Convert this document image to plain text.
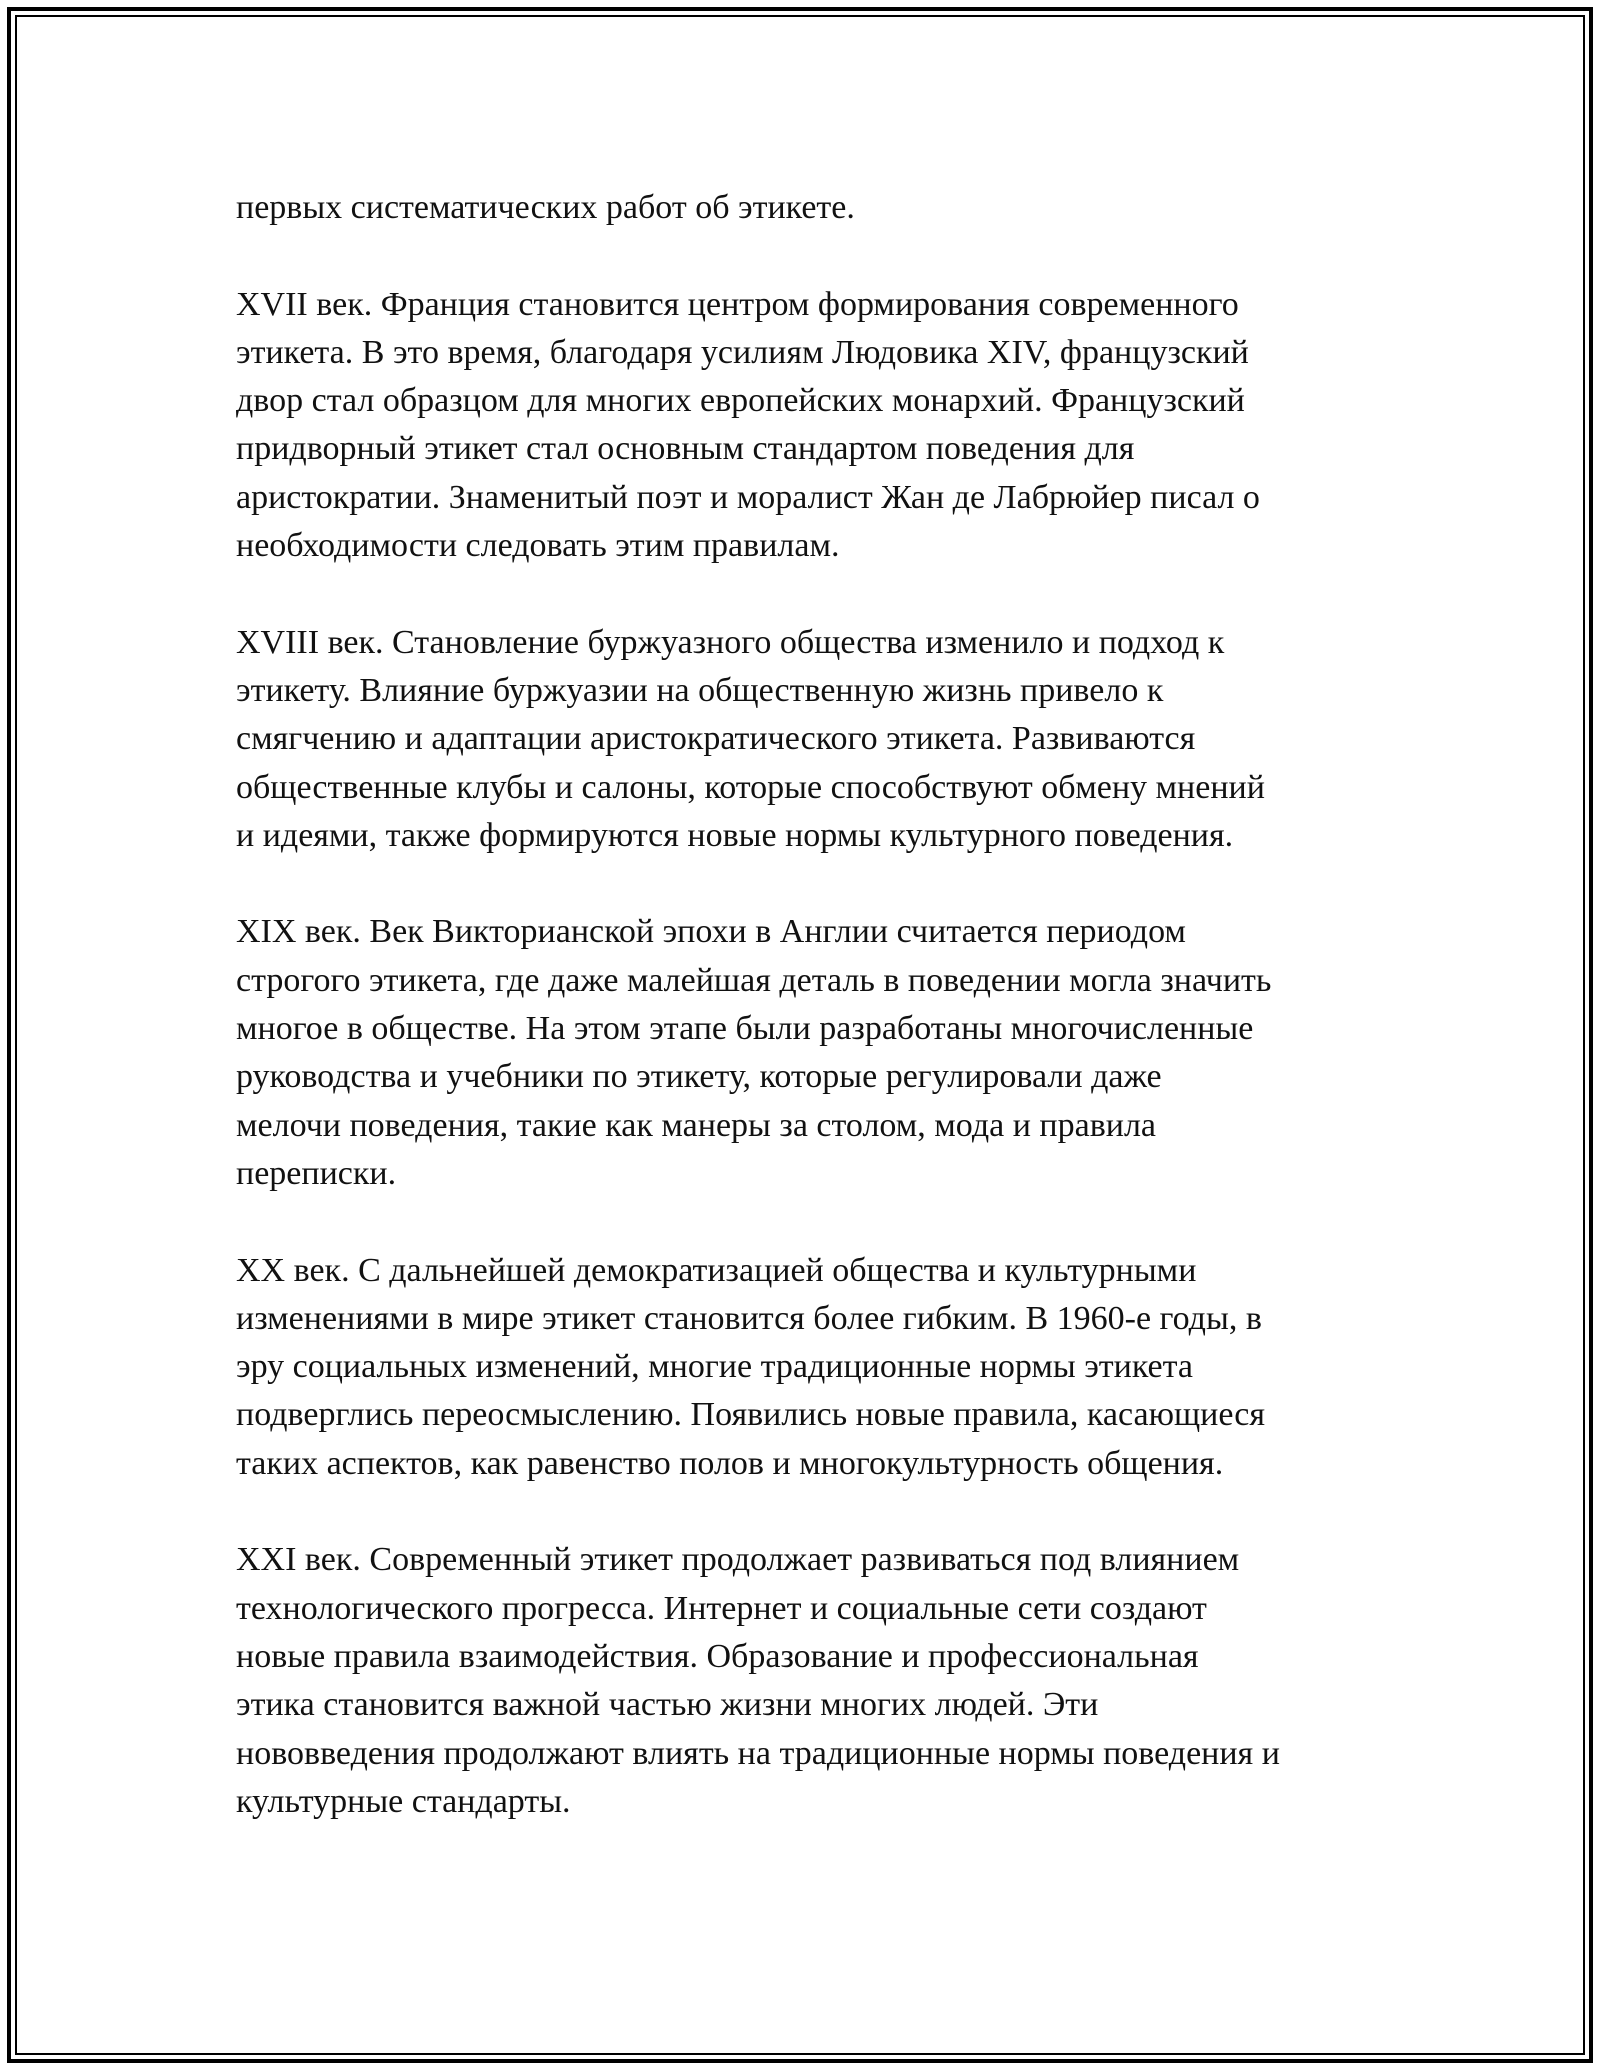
первых систематических работ об этикете.

XVII век. Франция становится центром формирования современного
этикета. В это время, благодаря усилиям Людовика XIV, французский
двор стал образцом для многих европейских монархий. Французский
придворный этикет стал основным стандартом поведения для
аристократии. Знаменитый поэт и моралист Жан де Лабрюйер писал о
необходимости следовать этим правилам.

XVIII век. Становление буржуазного общества изменило и подход к
этикету. Влияние буржуазии на общественную жизнь привело к
смягчению и адаптации аристократического этикета. Развиваются
общественные клубы и салоны, которые способствуют обмену мнений
и идеями, также формируются новые нормы культурного поведения.

XIX век. Век Викторианской эпохи в Англии считается периодом
строгого этикета, где даже малейшая деталь в поведении могла значить
многое в обществе. На этом этапе были разработаны многочисленные
руководства и учебники по этикету, которые регулировали даже
мелочи поведения, такие как манеры за столом, мода и правила
переписки.

XX век. С дальнейшей демократизацией общества и культурными
изменениями в мире этикет становится более гибким. В 1960-е годы, в
эру социальных изменений, многие традиционные нормы этикета
подверглись переосмыслению. Появились новые правила, касающиеся
таких аспектов, как равенство полов и многокультурность общения.

XXI век. Современный этикет продолжает развиваться под влиянием
технологического прогресса. Интернет и социальные сети создают
новые правила взаимодействия. Образование и профессиональная
этика становится важной частью жизни многих людей. Эти
нововведения продолжают влиять на традиционные нормы поведения и
культурные стандарты.
